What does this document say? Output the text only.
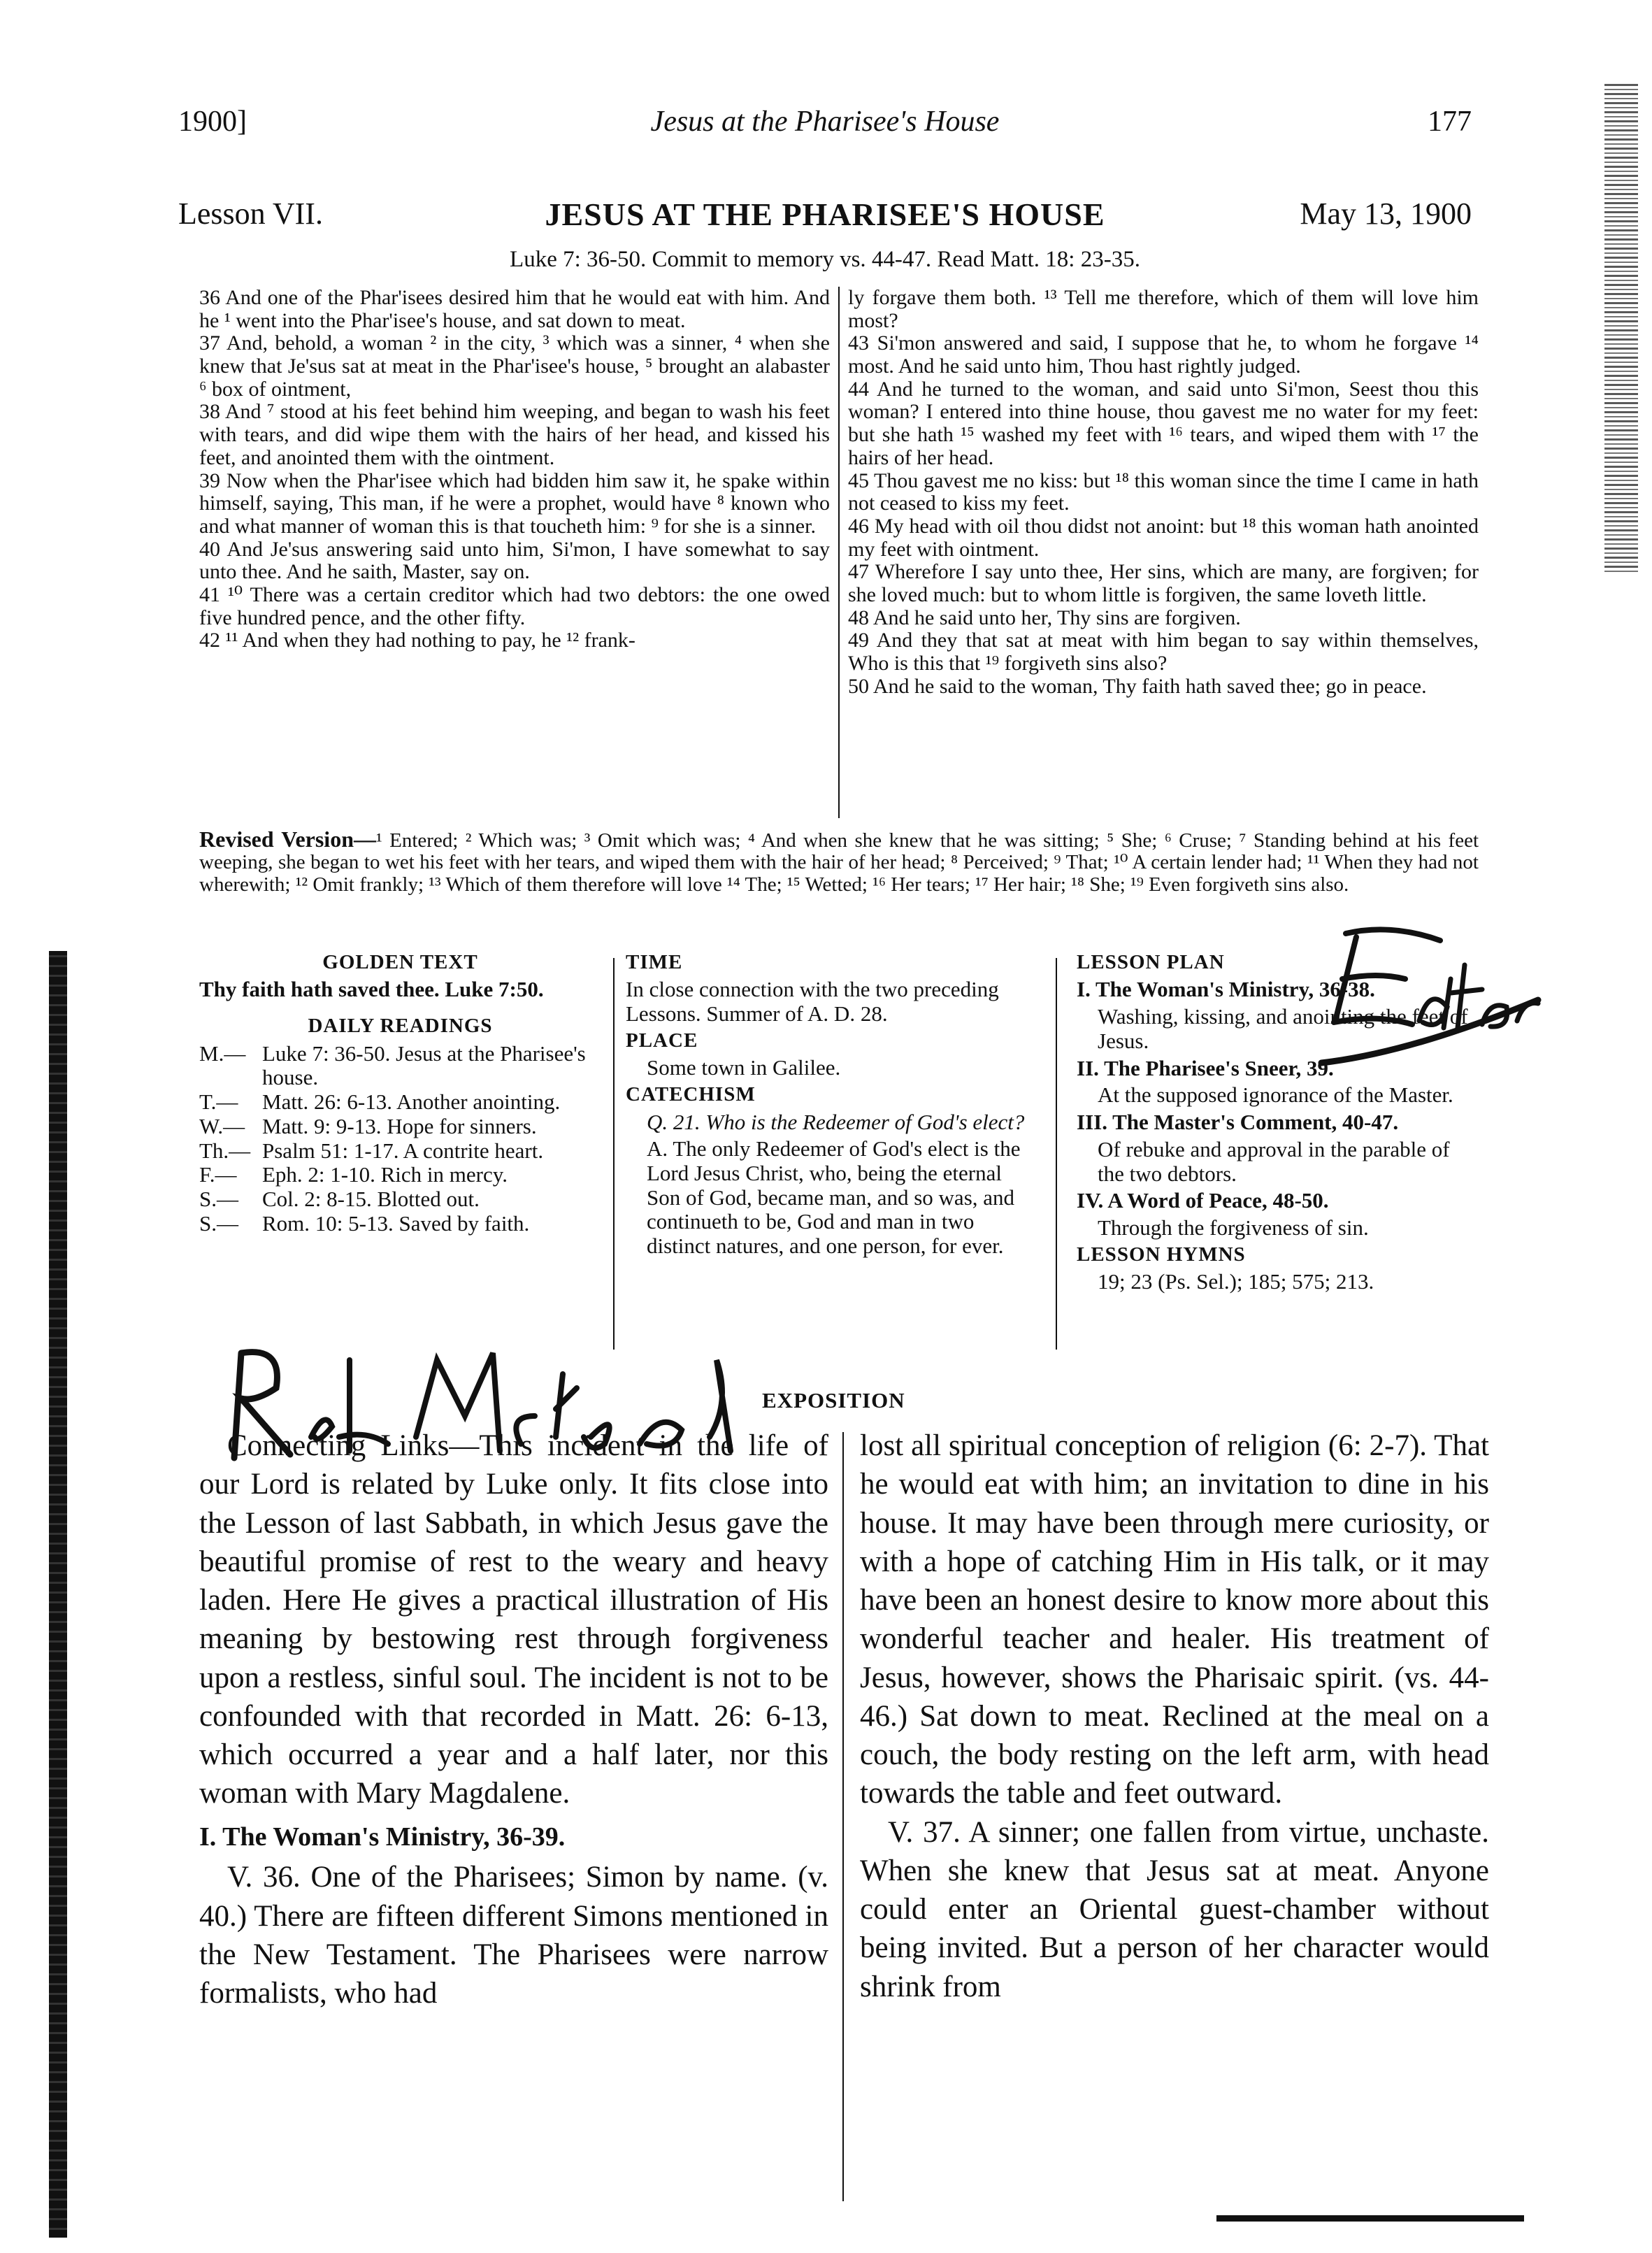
1900]	Jesus at the Pharisee's House	177
Lesson VII.	JESUS AT THE PHARISEE'S HOUSE	May 13, 1900
Luke 7: 36-50. Commit to memory vs. 44-47. Read Matt. 18: 23-35.

36 And one of the Phar'isees desired him that he would eat with him. And he ¹ went into the Phar'isee's house, and sat down to meat.

37 And, behold, a woman ² in the city, ³ which was a sinner, ⁴ when she knew that Je'sus sat at meat in the Phar'isee's house, ⁵ brought an alabaster ⁶ box of ointment,

38 And ⁷ stood at his feet behind him weeping, and began to wash his feet with tears, and did wipe them with the hairs of her head, and kissed his feet, and anointed them with the ointment.

39 Now when the Phar'isee which had bidden him saw it, he spake within himself, saying, This man, if he were a prophet, would have ⁸ known who and what manner of woman this is that toucheth him: ⁹ for she is a sinner.

40 And Je'sus answering said unto him, Si'mon, I have somewhat to say unto thee. And he saith, Master, say on.

41 ¹⁰ There was a certain creditor which had two debtors: the one owed five hundred pence, and the other fifty.

42 ¹¹ And when they had nothing to pay, he ¹² frank-

ly forgave them both. ¹³ Tell me therefore, which of them will love him most?

43 Si'mon answered and said, I suppose that he, to whom he forgave ¹⁴ most. And he said unto him, Thou hast rightly judged.

44 And he turned to the woman, and said unto Si'mon, Seest thou this woman? I entered into thine house, thou gavest me no water for my feet: but she hath ¹⁵ washed my feet with ¹⁶ tears, and wiped them with ¹⁷ the hairs of her head.

45 Thou gavest me no kiss: but ¹⁸ this woman since the time I came in hath not ceased to kiss my feet.

46 My head with oil thou didst not anoint: but ¹⁸ this woman hath anointed my feet with ointment.

47 Wherefore I say unto thee, Her sins, which are many, are forgiven; for she loved much: but to whom little is forgiven, the same loveth little.

48 And he said unto her, Thy sins are forgiven.

49 And they that sat at meat with him began to say within themselves, Who is this that ¹⁹ forgiveth sins also?

50 And he said to the woman, Thy faith hath saved thee; go in peace.

Revised Version—¹ Entered; ² Which was; ³ Omit which was; ⁴ And when she knew that he was sitting; ⁵ She; ⁶ Cruse; ⁷ Standing behind at his feet weeping, she began to wet his feet with her tears, and wiped them with the hair of her head; ⁸ Perceived; ⁹ That; ¹⁰ A certain lender had; ¹¹ When they had not wherewith; ¹² Omit frankly; ¹³ Which of them therefore will love ¹⁴ The; ¹⁵ Wetted; ¹⁶ Her tears; ¹⁷ Her hair; ¹⁸ She; ¹⁹ Even forgiveth sins also.
GOLDEN TEXT

Thy faith hath saved thee. Luke 7:50.

DAILY READINGS
M.— Luke 7: 36-50. Jesus at the Pharisee's house.
T.—	Matt. 26: 6-13. Another anointing.
W.— Matt. 9: 9-13. Hope for sinners.
Th.— Psalm 51: 1-17. A contrite heart.
F.—	Eph. 2: 1-10. Rich in mercy.
S.—	Col. 2: 8-15. Blotted out.
S.—	Rom. 10: 5-13. Saved by faith.
TIME

In close connection with the two preceding Lessons. Summer of A. D. 28.

PLACE

Some town in Galilee.

CATECHISM

Q. 21. Who is the Redeemer of God's elect?

A. The only Redeemer of God's elect is the Lord Jesus Christ, who, being the eternal Son of God, became man, and so was, and continueth to be, God and man in two distinct natures, and one person, for ever.

LESSON PLAN

I. The Woman's Ministry, 36-38.

Washing, kissing, and anointing the feet of Jesus.

II. The Pharisee's Sneer, 39.

At the supposed ignorance of the Master.

III. The Master's Comment, 40-47.

Of rebuke and approval in the parable of the two debtors.

IV. A Word of Peace, 48-50.

Through the forgiveness of sin.

LESSON HYMNS

19; 23 (Ps. Sel.); 185; 575; 213.

Editor
Rev. J. A. McLeod
EXPOSITION

Connecting Links—This incident in the life of our Lord is related by Luke only. It fits close into the Lesson of last Sabbath, in which Jesus gave the beautiful promise of rest to the weary and heavy laden. Here He gives a practical illustration of His meaning by bestowing rest through forgiveness upon a restless, sinful soul. The incident is not to be confounded with that recorded in Matt. 26: 6-13, which occurred a year and a half later, nor this woman with Mary Magdalene.

I. The Woman's Ministry, 36-39.

V. 36. One of the Pharisees; Simon by name. (v. 40.) There are fifteen different Simons mentioned in the New Testament. The Pharisees were narrow formalists, who had

lost all spiritual conception of religion (6: 2-7). That he would eat with him; an invitation to dine in his house. It may have been through mere curiosity, or with a hope of catching Him in His talk, or it may have been an honest desire to know more about this wonderful teacher and healer. His treatment of Jesus, however, shows the Pharisaic spirit. (vs. 44-46.) Sat down to meat. Reclined at the meal on a couch, the body resting on the left arm, with head towards the table and feet outward.

V. 37. A sinner; one fallen from virtue, unchaste. When she knew that Jesus sat at meat. Anyone could enter an Oriental guest-chamber without being invited. But a person of her character would shrink from
